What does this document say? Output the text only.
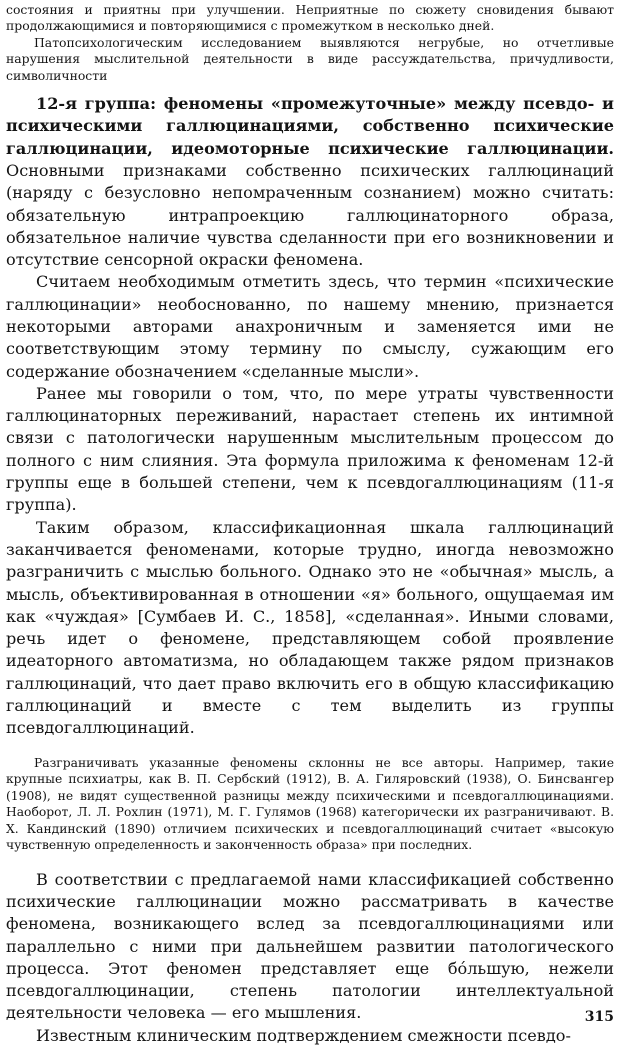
состояния и приятны при улучшении. Неприятные по сюжету сновидения бывают продолжающимися и повторяющимися с промежутком в несколько дней.

Патопсихологическим исследованием выявляются негрубые, но отчетливые нарушения мыслительной деятельности в виде рассуждательства, причудливости, символичности

12-я группа: феномены «промежуточные» между псевдо- и психическими галлюцинациями, собственно психические галлюцинации, идеомоторные психические галлюцинации. Основными признаками собственно психических галлюцинаций (наряду с безусловно непомраченным сознанием) можно считать: обязательную интрапроекцию галлюцинаторного образа, обязательное наличие чувства сделанности при его возникновении и отсутствие сенсорной окраски феномена.

Считаем необходимым отметить здесь, что термин «психические галлюцинации» необоснованно, по нашему мнению, признается некоторыми авторами анахроничным и заменяется ими не соответствующим этому термину по смыслу, сужающим его содержание обозначением «сделанные мысли».

Ранее мы говорили о том, что, по мере утраты чувственности галлюцинаторных переживаний, нарастает степень их интимной связи с патологически нарушенным мыслительным процессом до полного с ним слияния. Эта формула приложима к феноменам 12-й группы еще в большей степени, чем к псевдогаллюцинациям (11-я группа).

Таким образом, классификационная шкала галлюцинаций заканчивается феноменами, которые трудно, иногда невозможно разграничить с мыслью больного. Однако это не «обычная» мысль, а мысль, объективированная в отношении «я» больного, ощущаемая им как «чуждая» [Сумбаев И. С., 1858], «сделанная». Иными словами, речь идет о феномене, представляющем собой проявление идеаторного автоматизма, но обладающем также рядом признаков галлюцинаций, что дает право включить его в общую классификацию галлюцинаций и вместе с тем выделить из группы псевдогаллюцинаций.

Разграничивать указанные феномены склонны не все авторы. Например, такие крупные психиатры, как В. П. Сербский (1912), В. А. Гиляровский (1938), О. Бинсвангер (1908), не видят существенной разницы между психическими и псевдогаллюцинациями. Наоборот, Л. Л. Рохлин (1971), М. Г. Гулямов (1968) категорически их разграничивают. В. Х. Кандинский (1890) отличием психических и псевдогаллюцинаций считает «высокую чувственную определенность и законченность образа» при последних.

В соответствии с предлагаемой нами классификацией собственно психические галлюцинации можно рассматривать в качестве феномена, возникающего вслед за псевдогаллюцинациями или параллельно с ними при дальнейшем развитии патологического процесса. Этот феномен представляет еще бóльшую, нежели псевдогаллюцинации, степень патологии интеллектуальной деятельности человека — его мышления.

Известным клиническим подтверждением смежности псевдо-

315
